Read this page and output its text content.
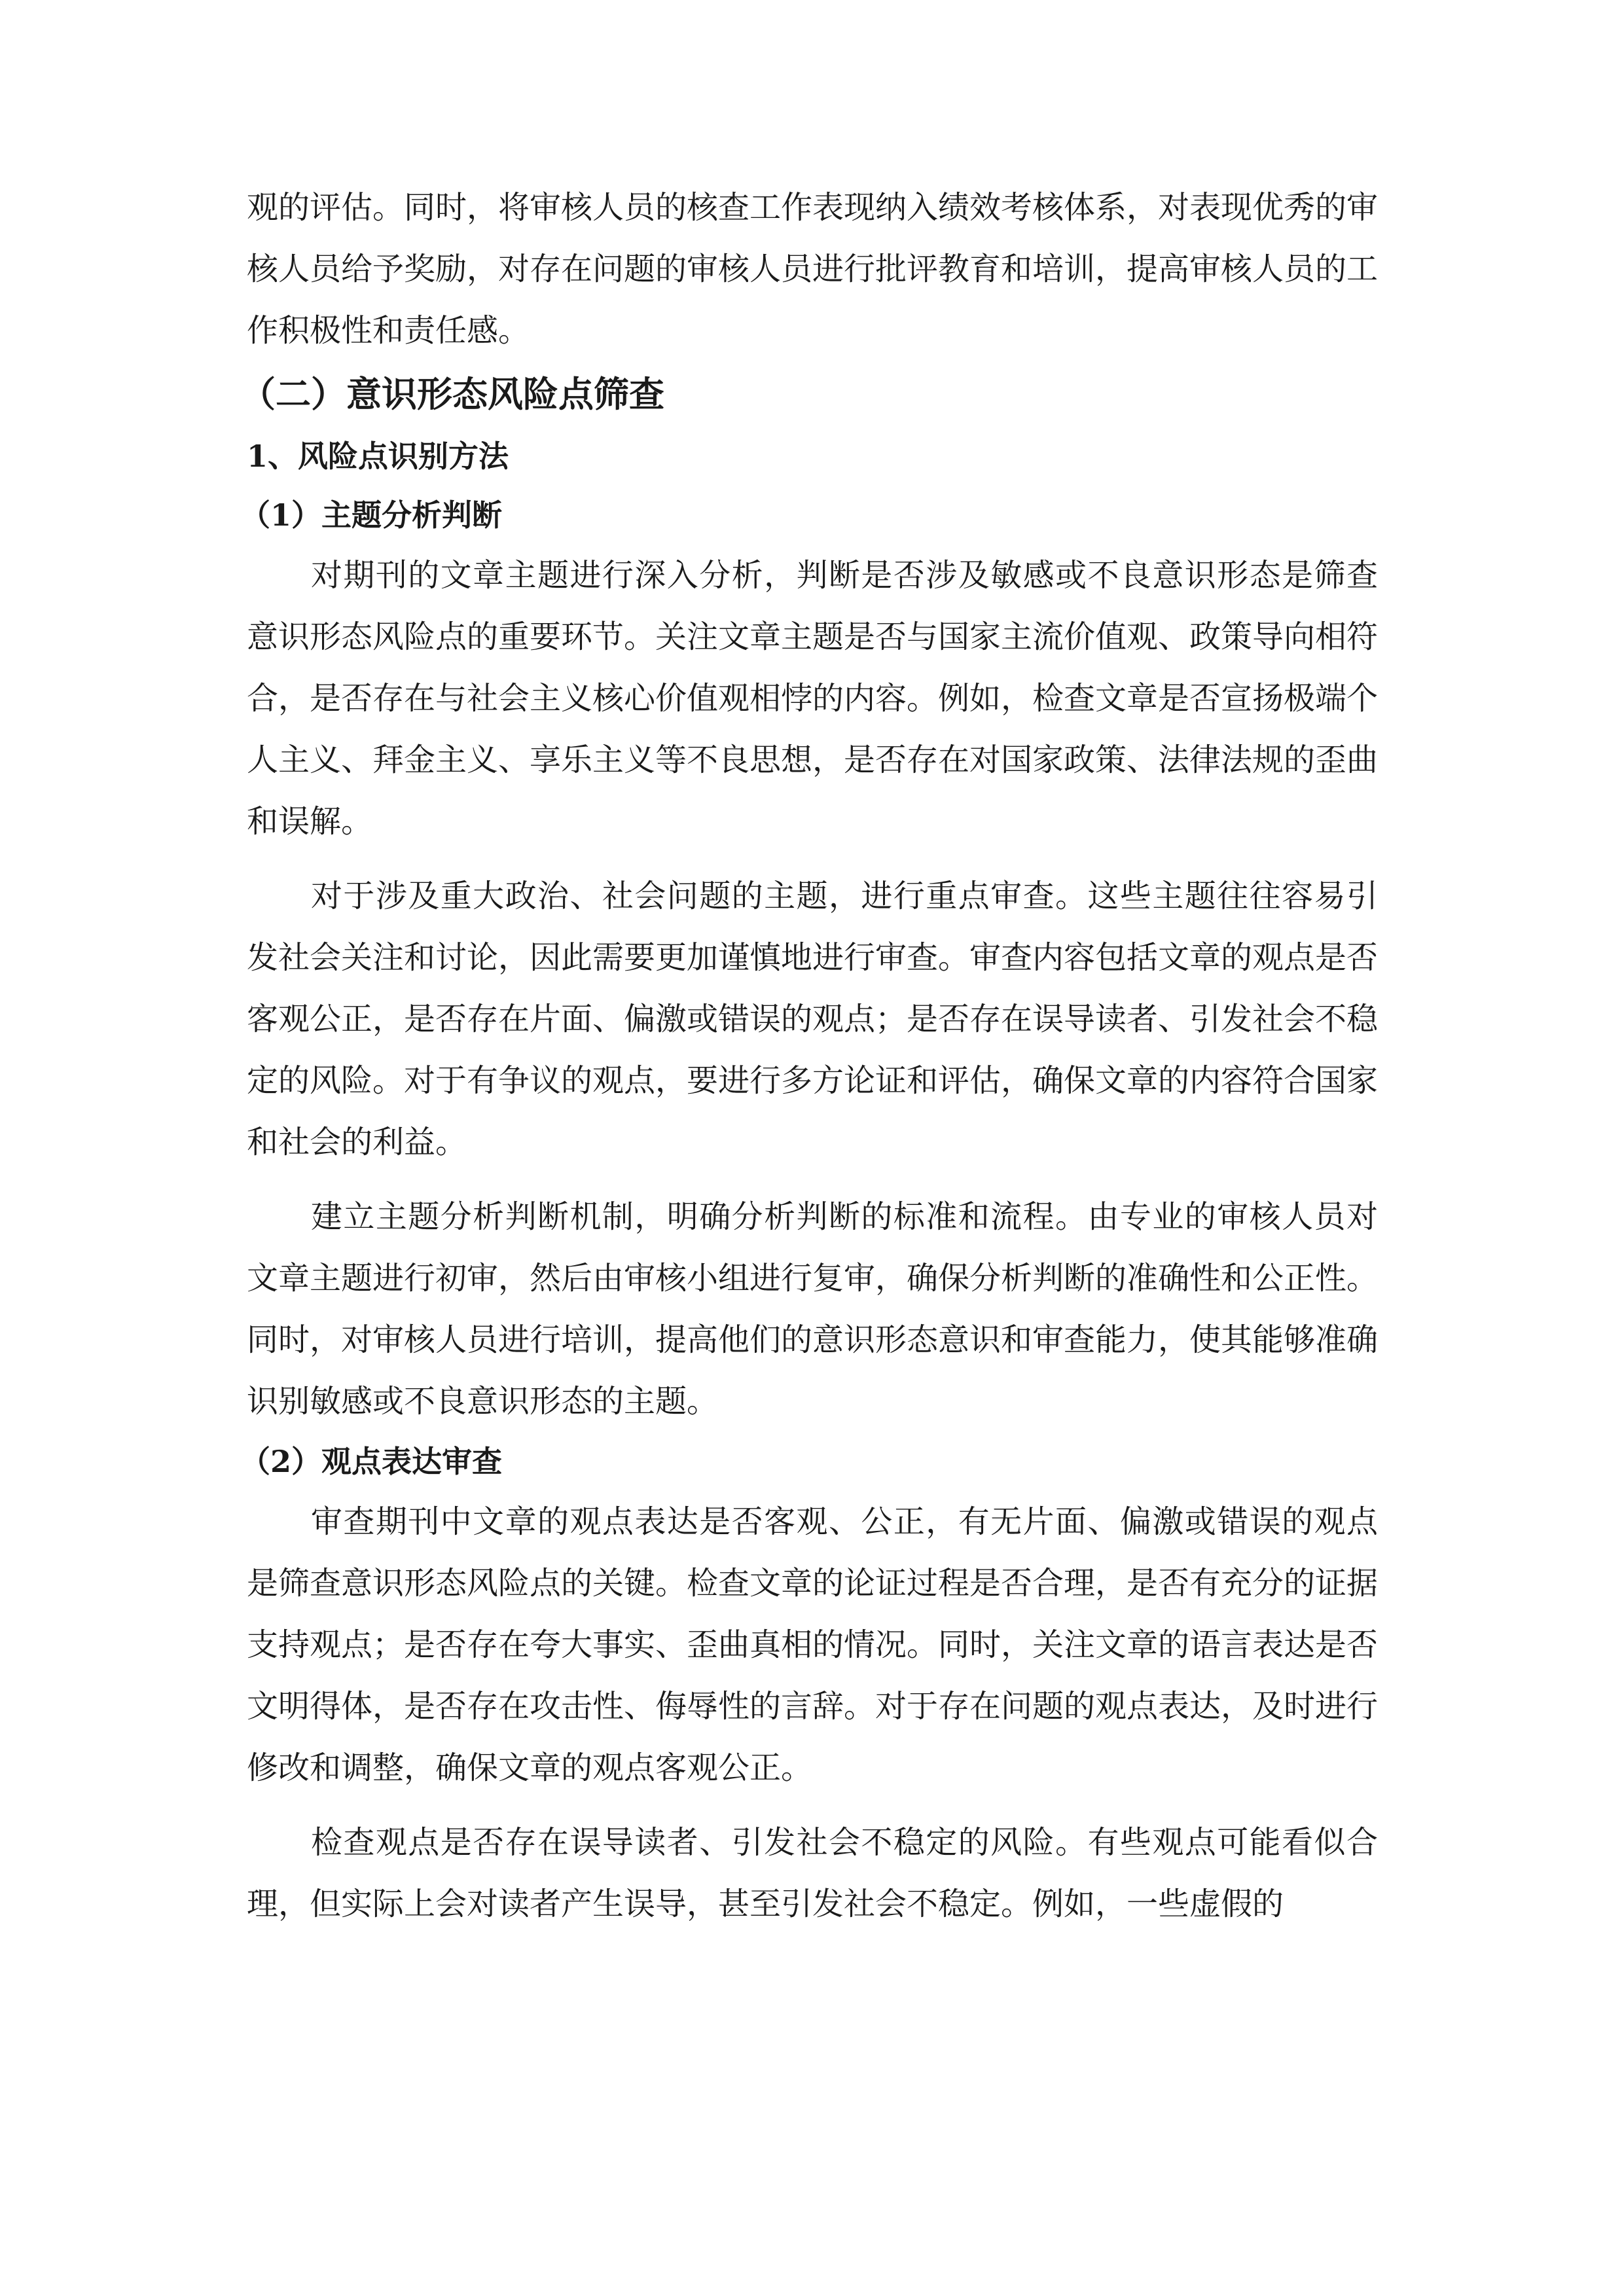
观的评估。同时，将审核人员的核查工作表现纳入绩效考核体系，对表现优秀的审核人员给予奖励，对存在问题的审核人员进行批评教育和培训，提高审核人员的工作积极性和责任感。

（二）意识形态风险点筛查
1、风险点识别方法
（1）主题分析判断

对期刊的文章主题进行深入分析，判断是否涉及敏感或不良意识形态是筛查意识形态风险点的重要环节。关注文章主题是否与国家主流价值观、政策导向相符合，是否存在与社会主义核心价值观相悖的内容。例如，检查文章是否宣扬极端个人主义、拜金主义、享乐主义等不良思想，是否存在对国家政策、法律法规的歪曲和误解。

对于涉及重大政治、社会问题的主题，进行重点审查。这些主题往往容易引发社会关注和讨论，因此需要更加谨慎地进行审查。审查内容包括文章的观点是否客观公正，是否存在片面、偏激或错误的观点；是否存在误导读者、引发社会不稳定的风险。对于有争议的观点，要进行多方论证和评估，确保文章的内容符合国家和社会的利益。

建立主题分析判断机制，明确分析判断的标准和流程。由专业的审核人员对文章主题进行初审，然后由审核小组进行复审，确保分析判断的准确性和公正性。同时，对审核人员进行培训，提高他们的意识形态意识和审查能力，使其能够准确识别敏感或不良意识形态的主题。

（2）观点表达审查

审查期刊中文章的观点表达是否客观、公正，有无片面、偏激或错误的观点是筛查意识形态风险点的关键。检查文章的论证过程是否合理，是否有充分的证据支持观点；是否存在夸大事实、歪曲真相的情况。同时，关注文章的语言表达是否文明得体，是否存在攻击性、侮辱性的言辞。对于存在问题的观点表达，及时进行修改和调整，确保文章的观点客观公正。

检查观点是否存在误导读者、引发社会不稳定的风险。有些观点可能看似合理，但实际上会对读者产生误导，甚至引发社会不稳定。例如，一些虚假的
